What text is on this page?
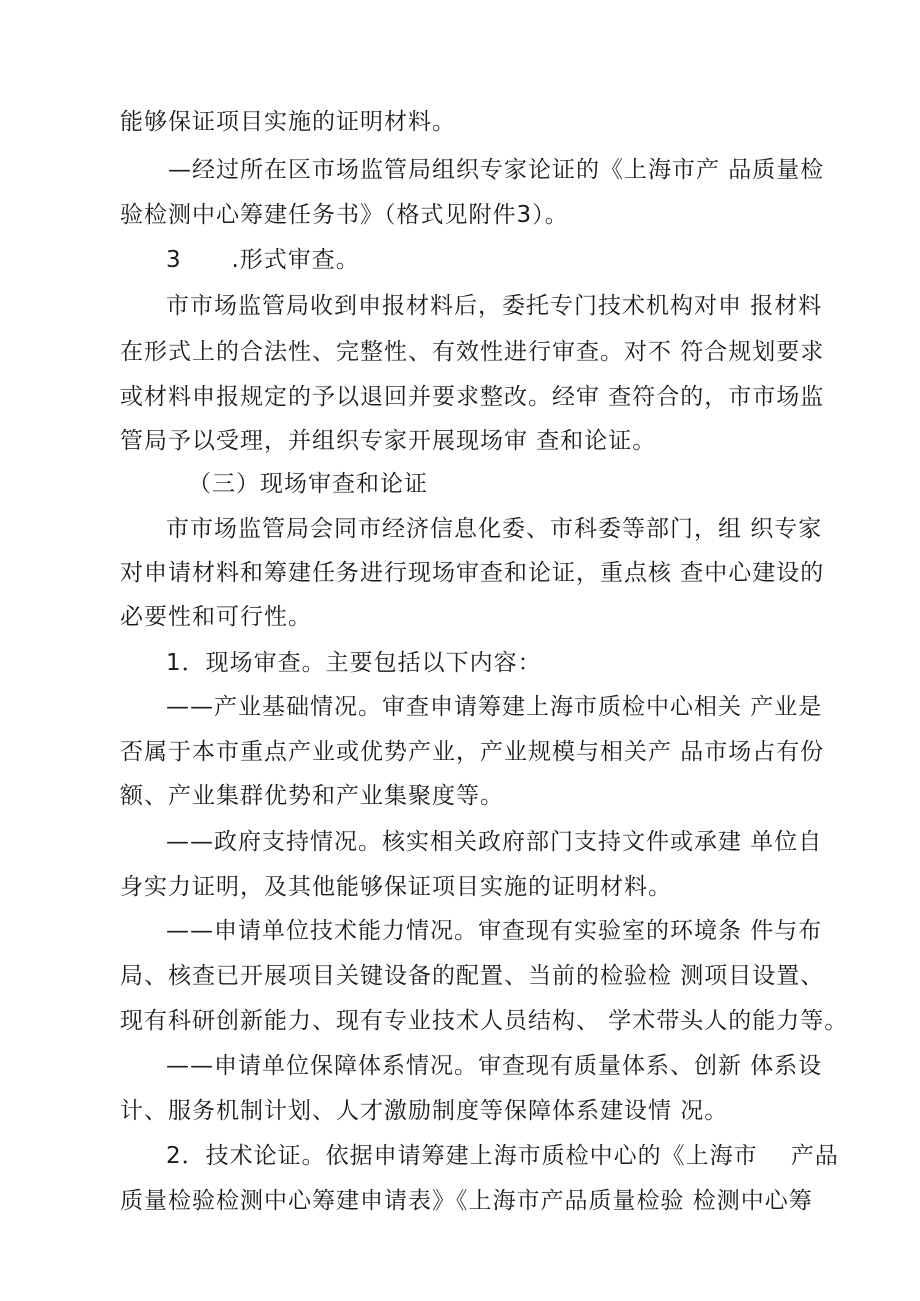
能够保证项目实施的证明材料。
—经过所在区市场监管局组织专家论证的《上海市产 品质量检
验检测中心筹建任务书》（格式见附件3）。
3      .形式审查。
市市场监管局收到申报材料后，委托专门技术机构对申 报材料
在形式上的合法性、完整性、有效性进行审查。对不 符合规划要求
或材料申报规定的予以退回并要求整改。经审 查符合的，市市场监
管局予以受理，并组织专家开展现场审 查和论证。
（三）现场审查和论证
市市场监管局会同市经济信息化委、市科委等部门，组 织专家
对申请材料和筹建任务进行现场审查和论证，重点核 查中心建设的
必要性和可行性。
1．现场审查。主要包括以下内容：
——产业基础情况。审查申请筹建上海市质检中心相关 产业是
否属于本市重点产业或优势产业，产业规模与相关产 品市场占有份
额、产业集群优势和产业集聚度等。
——政府支持情况。核实相关政府部门支持文件或承建 单位自
身实力证明，及其他能够保证项目实施的证明材料。
——申请单位技术能力情况。审查现有实验室的环境条 件与布
局、核查已开展项目关键设备的配置、当前的检验检 测项目设置、
现有科研创新能力、现有专业技术人员结构、 学术带头人的能力等。
——申请单位保障体系情况。审查现有质量体系、创新 体系设
计、服务机制计划、人才激励制度等保障体系建设情 况。
2．技术论证。依据申请筹建上海市质检中心的《上海市    产品
质量检验检测中心筹建申请表》《上海市产品质量检验 检测中心筹
